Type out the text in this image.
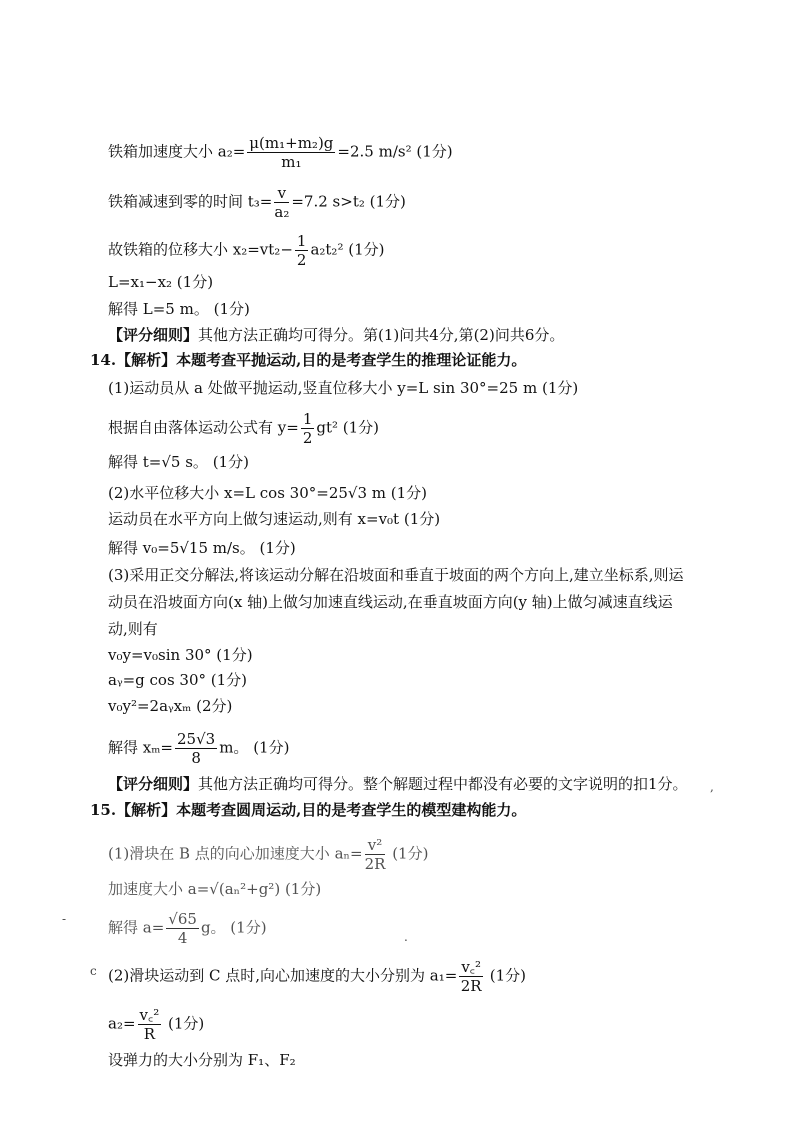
铁箱加速度大小 $a_2= \frac{\text{μ(m₁+m₂)g}}{\text{m₁}} =2.5$ m/s² (1分)
铁箱减速到零的时间 $t_3= \frac{v}{\text{a₂}} =7.2$ s>t₂ (1分)
故铁箱的位移大小 $x_2=vt_2- \frac{1}{2} a_2t_2^2$ (1分)
L=x₁−x₂ (1分)
解得 L=5 m。 (1分)
【评分细则】其他方法正确均可得分。第(1)问共4分,第(2)问共6分。
14.【解析】本题考查平抛运动,目的是考查学生的推理论证能力。
(1)运动员从 a 处做平抛运动,竖直位移大小 y=L sin 30°=25 m (1分)
根据自由落体运动公式有 $y= \frac{1}{2} gt^2$ (1分)
解得 t=√5 s。 (1分)
(2)水平位移大小 x=L cos 30°=25√3 m (1分)
运动员在水平方向上做匀速运动,则有 x=v₀t (1分)
解得 v₀=5√15 m/s。 (1分)
(3)采用正交分解法,将该运动分解在沿坡面和垂直于坡面的两个方向上,建立坐标系,则运
动员在沿坡面方向(x 轴)上做匀加速直线运动,在垂直坡面方向(y 轴)上做匀减速直线运
动,则有
v₀y=v₀sin 30° (1分)
aᵧ=g cos 30° (1分)
v₀y²=2aᵧxₘ (2分)
解得 $x_m= \frac{25√3}{8}$ m。 (1分)
【评分细则】其他方法正确均可得分。整个解题过程中都没有必要的文字说明的扣1分。
15.【解析】本题考查圆周运动,目的是考查学生的模型建构能力。
(1)滑块在 B 点的向心加速度大小 $a_n= \frac{\text{v²}}{2R} (1$分)
加速度大小 a=√(aₙ²+g²) (1分)
解得 $a= \frac{√65}{4}$ g。 (1分)
(2)滑块运动到 C 点时,向心加速度的大小分别为 $a_1= \frac{\text{v꜀²}}{2R} (1$分)
$a_2= \frac{\text{v꜀²}}{R} (1$分)
设弹力的大小分别为 F₁、F₂
,
-
c
.
